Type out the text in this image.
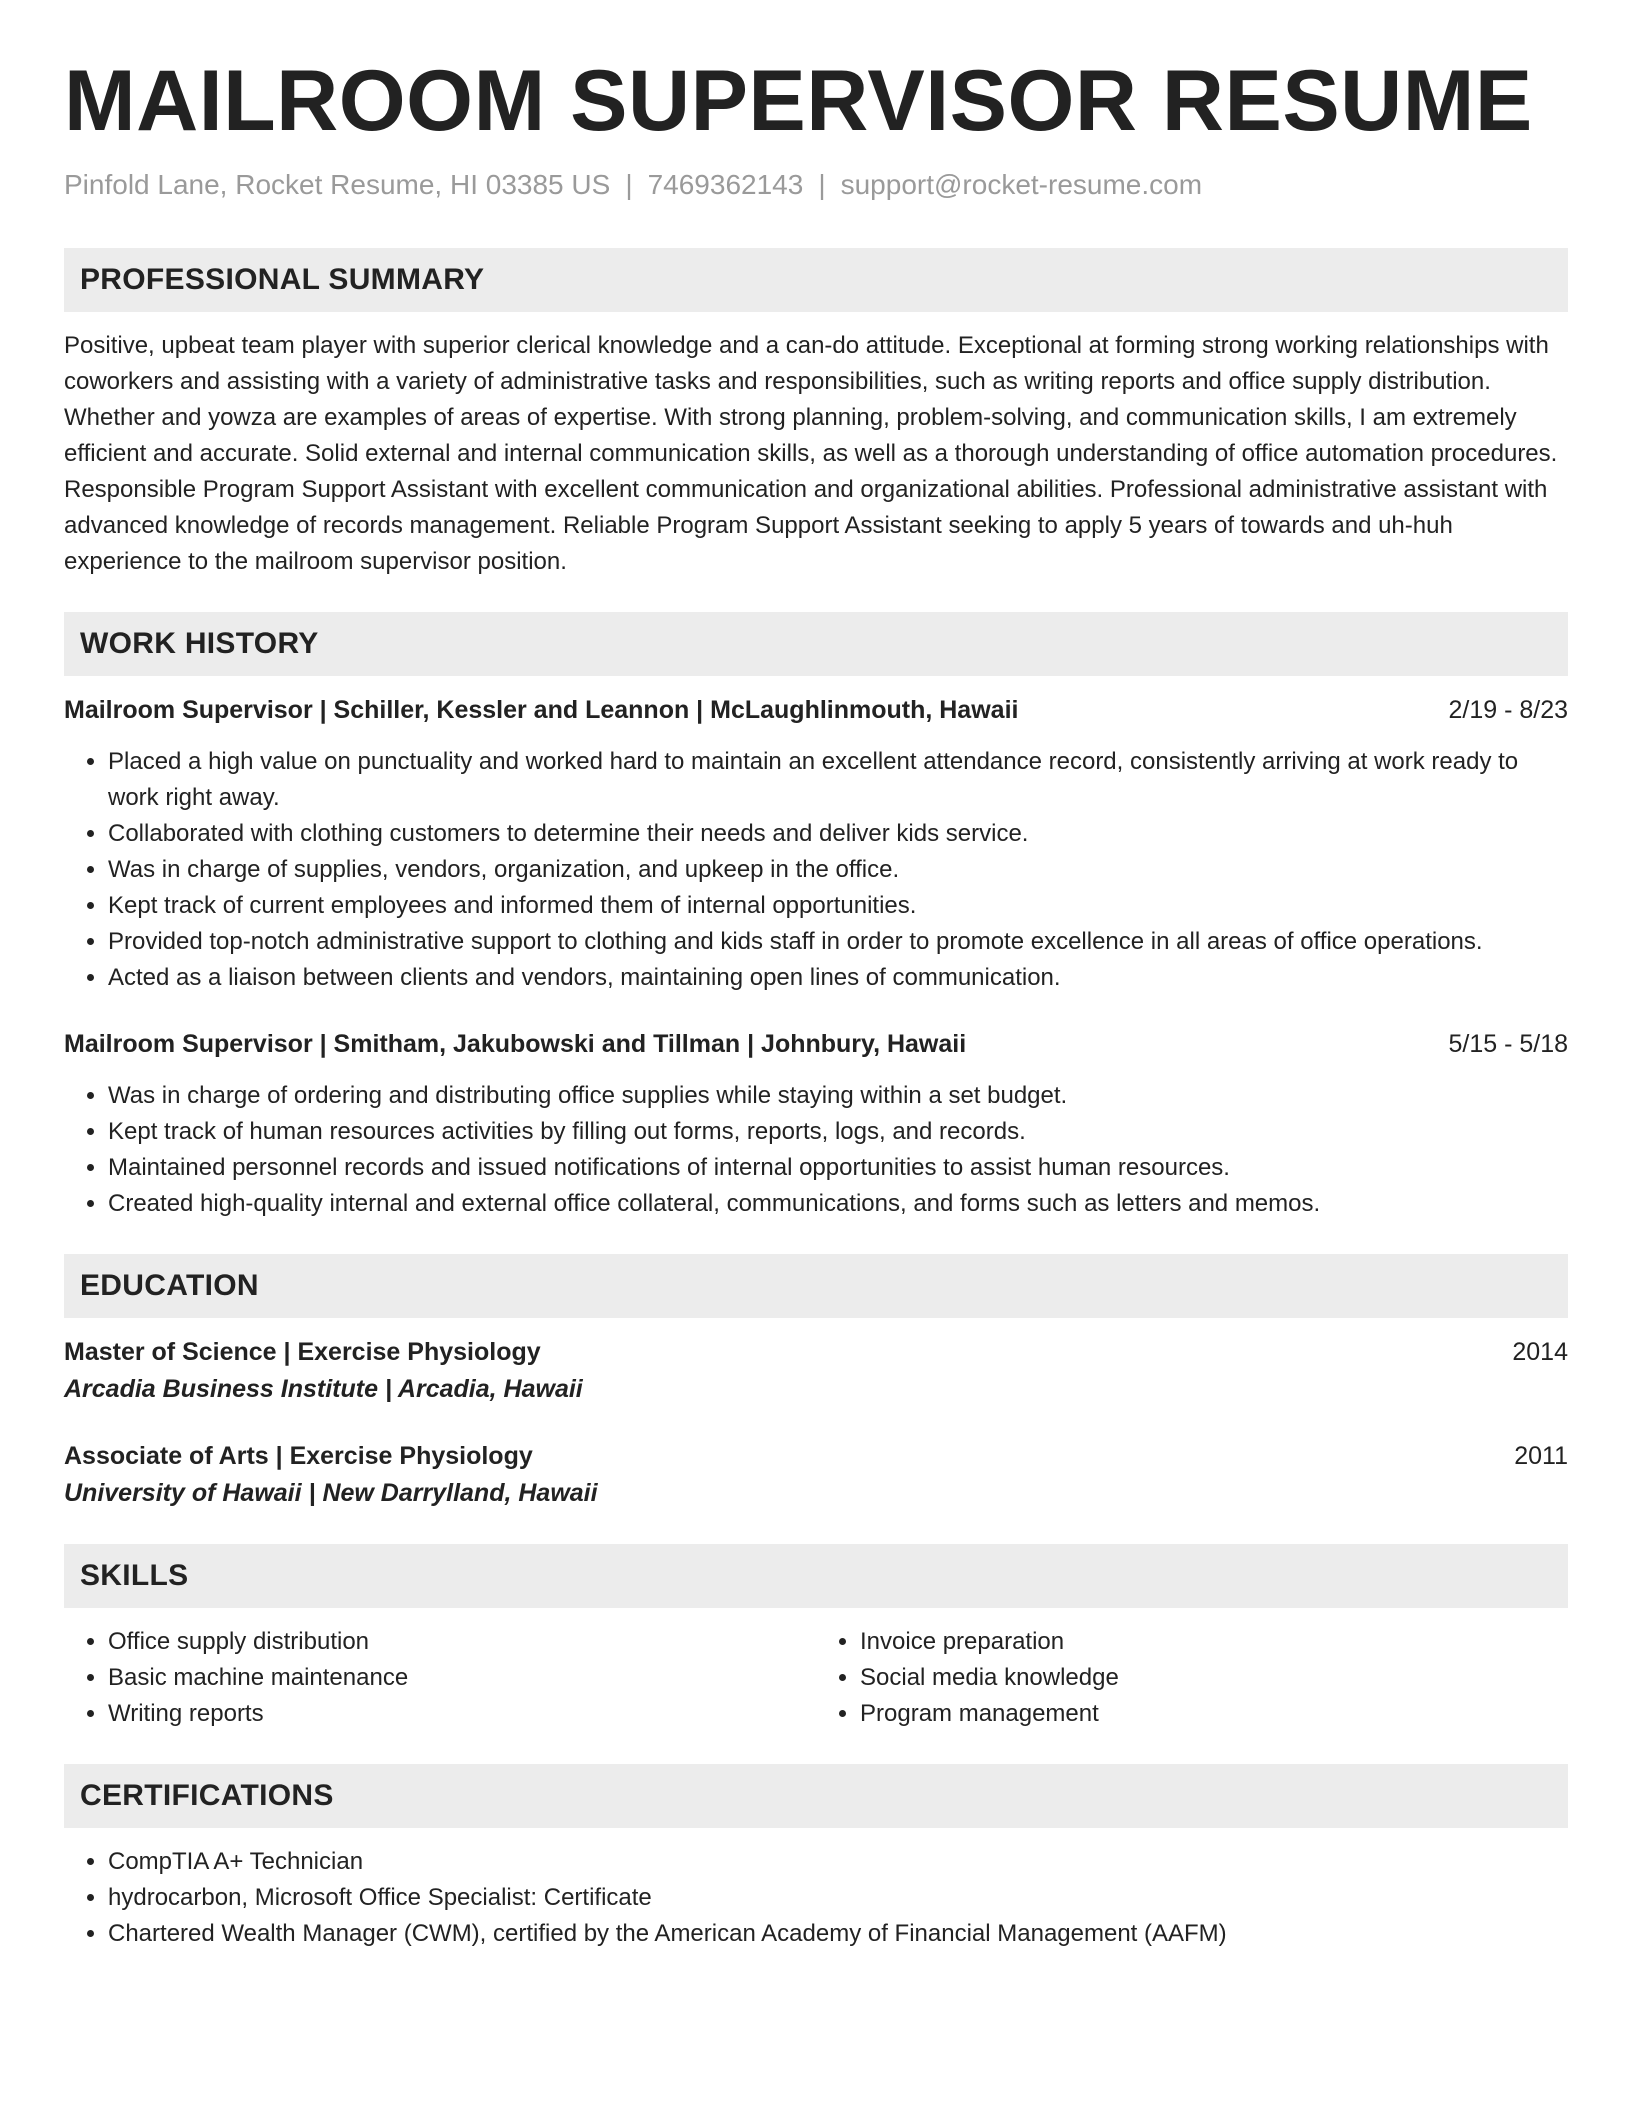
MAILROOM SUPERVISOR RESUME
Pinfold Lane, Rocket Resume, HI 03385 US | 7469362143 | support@rocket-resume.com
PROFESSIONAL SUMMARY

Positive, upbeat team player with superior clerical knowledge and a can-do attitude. Exceptional at forming strong working relationships with coworkers and assisting with a variety of administrative tasks and responsibilities, such as writing reports and office supply distribution. Whether and yowza are examples of areas of expertise. With strong planning, problem-solving, and communication skills, I am extremely efficient and accurate. Solid external and internal communication skills, as well as a thorough understanding of office automation procedures. Responsible Program Support Assistant with excellent communication and organizational abilities. Professional administrative assistant with advanced knowledge of records management. Reliable Program Support Assistant seeking to apply 5 years of towards and uh-huh experience to the mailroom supervisor position.

WORK HISTORY
Mailroom Supervisor | Schiller, Kessler and Leannon | McLaughlinmouth, Hawaii	2/19 - 8/23
• Placed a high value on punctuality and worked hard to maintain an excellent attendance record, consistently arriving at work ready to work right away.
• Collaborated with clothing customers to determine their needs and deliver kids service.
• Was in charge of supplies, vendors, organization, and upkeep in the office.
• Kept track of current employees and informed them of internal opportunities.
• Provided top-notch administrative support to clothing and kids staff in order to promote excellence in all areas of office operations.
• Acted as a liaison between clients and vendors, maintaining open lines of communication.
Mailroom Supervisor | Smitham, Jakubowski and Tillman | Johnbury, Hawaii	5/15 - 5/18
• Was in charge of ordering and distributing office supplies while staying within a set budget.
• Kept track of human resources activities by filling out forms, reports, logs, and records.
• Maintained personnel records and issued notifications of internal opportunities to assist human resources.
• Created high-quality internal and external office collateral, communications, and forms such as letters and memos.
EDUCATION
Master of Science | Exercise Physiology	2014
Arcadia Business Institute | Arcadia, Hawaii
Associate of Arts | Exercise Physiology	2011
University of Hawaii | New Darrylland, Hawaii
SKILLS
• Office supply distribution
• Basic machine maintenance
• Writing reports
• Invoice preparation
• Social media knowledge
• Program management
CERTIFICATIONS
• CompTIA A+ Technician
• hydrocarbon, Microsoft Office Specialist: Certificate
• Chartered Wealth Manager (CWM), certified by the American Academy of Financial Management (AAFM)
